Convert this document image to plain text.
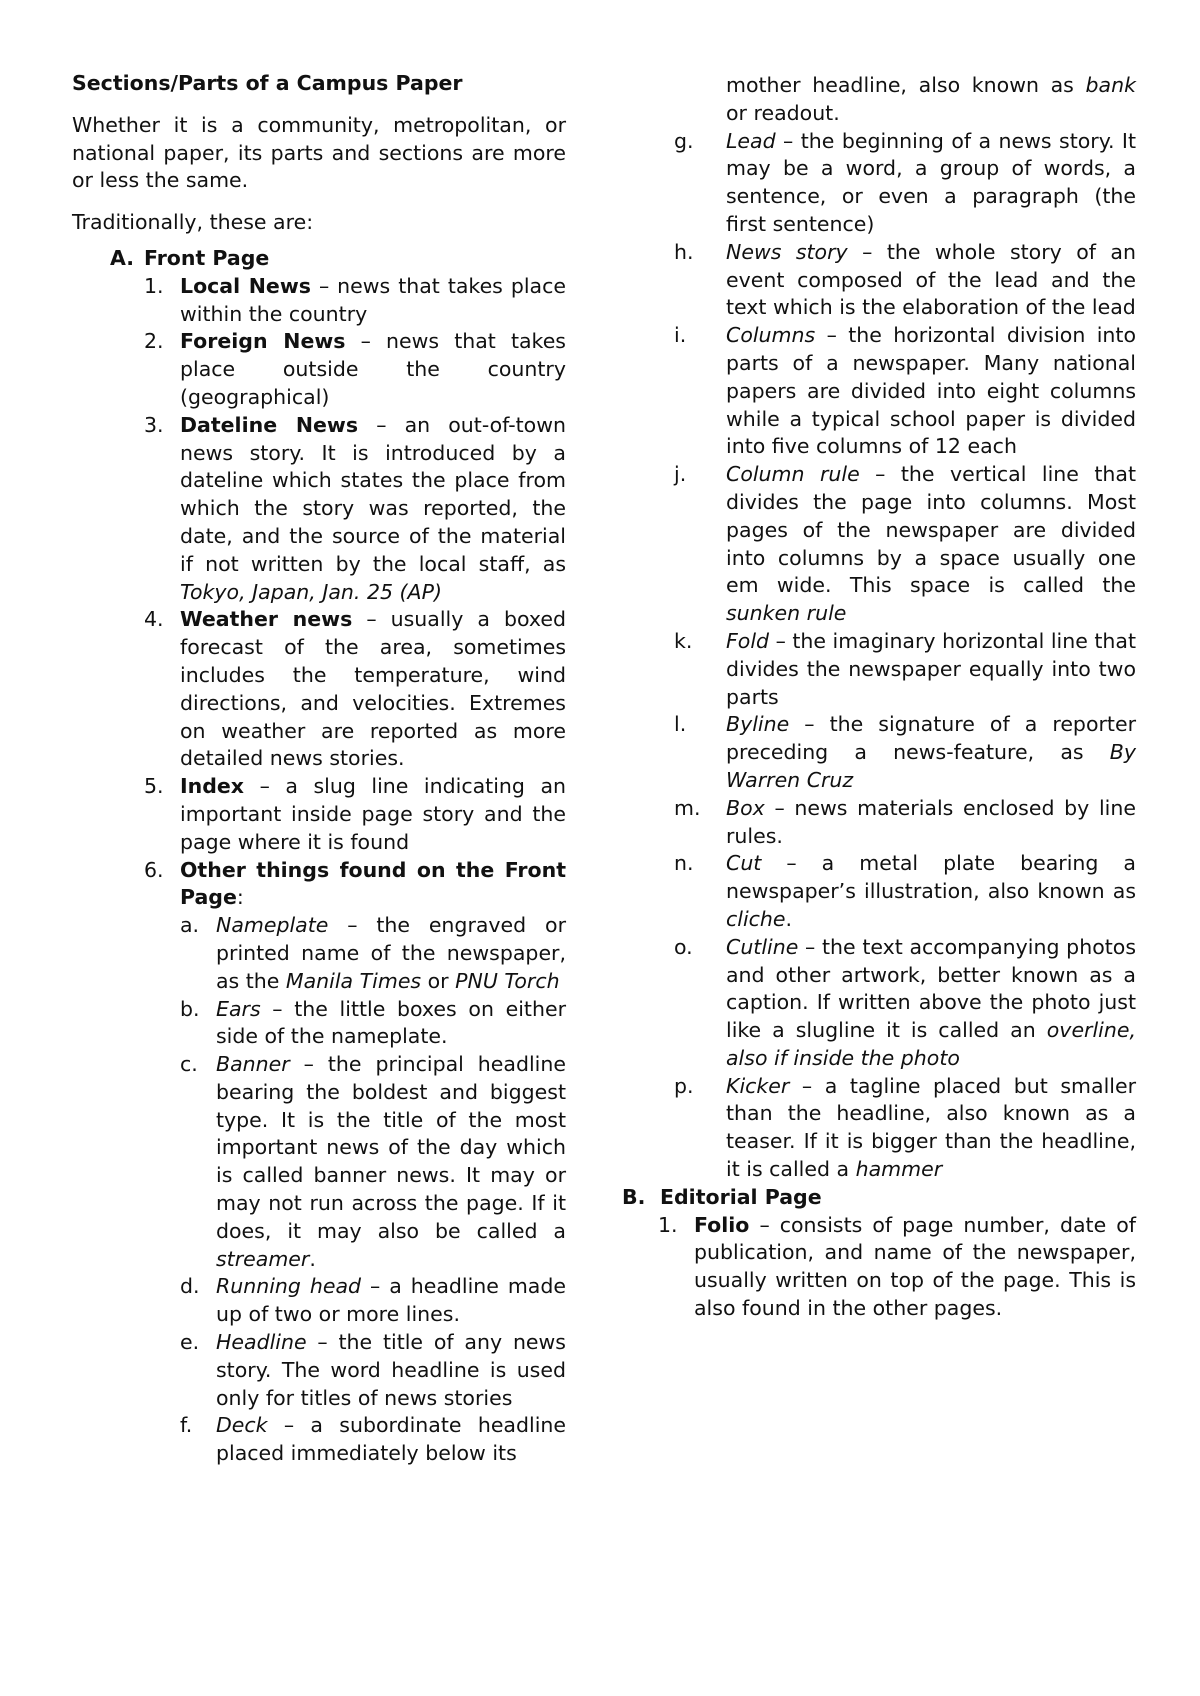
Sections/Parts of a Campus Paper

Whether it is a community, metropolitan, or national paper, its parts and sections are more or less the same.

Traditionally, these are:

A. Front Page
1. Local News – news that takes place within the country
2. Foreign News – news that takes place outside the country (geographical)
3. Dateline News – an out-of-town news story. It is introduced by a dateline which states the place from which the story was reported, the date, and the source of the material if not written by the local staff, as Tokyo, Japan, Jan. 25 (AP)
4. Weather news – usually a boxed forecast of the area, sometimes includes the temperature, wind directions, and velocities. Extremes on weather are reported as more detailed news stories.
5. Index – a slug line indicating an important inside page story and the page where it is found
6. Other things found on the Front Page:
a. Nameplate – the engraved or printed name of the newspaper, as the Manila Times or PNU Torch
b. Ears – the little boxes on either side of the nameplate.
c. Banner – the principal headline bearing the boldest and biggest type. It is the title of the most important news of the day which is called banner news. It may or may not run across the page. If it does, it may also be called a streamer.
d. Running head – a headline made up of two or more lines.
e. Headline – the title of any news story. The word headline is used only for titles of news stories
f. Deck – a subordinate headline placed immediately below its
mother headline, also known as bank or readout.
g. Lead – the beginning of a news story. It may be a word, a group of words, a sentence, or even a paragraph (the first sentence)
h. News story – the whole story of an event composed of the lead and the text which is the elaboration of the lead
i. Columns – the horizontal division into parts of a newspaper. Many national papers are divided into eight columns while a typical school paper is divided into five columns of 12 each
j. Column rule – the vertical line that divides the page into columns. Most pages of the newspaper are divided into columns by a space usually one em wide. This space is called the sunken rule
k. Fold – the imaginary horizontal line that divides the newspaper equally into two parts
l. Byline – the signature of a reporter preceding a news-feature, as By Warren Cruz
m. Box – news materials enclosed by line rules.
n. Cut – a metal plate bearing a newspaper’s illustration, also known as cliche.
o. Cutline – the text accompanying photos and other artwork, better known as a caption. If written above the photo just like a slugline it is called an overline, also if inside the photo
p. Kicker – a tagline placed but smaller than the headline, also known as a teaser. If it is bigger than the headline, it is called a hammer
B. Editorial Page
1. Folio – consists of page number, date of publication, and name of the newspaper, usually written on top of the page. This is also found in the other pages.
